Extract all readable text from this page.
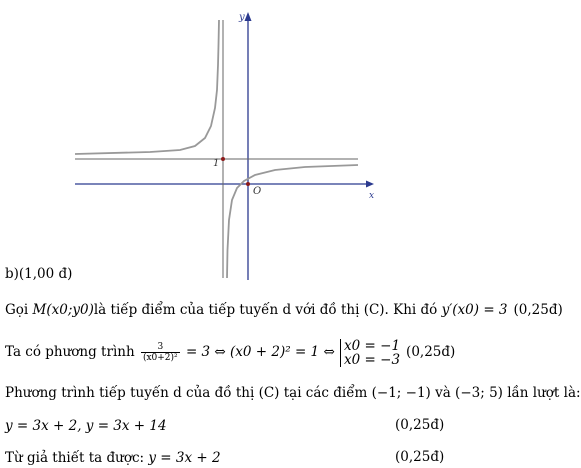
y
x
1
O
b)(1,00 đ)
Gọi M(x0;y0)là tiếp điểm của tiếp tuyến d với đồ thị (C). Khi đó y′(x0) = 3 (0,25đ)
Ta có phương trình $\frac{3}{\text{(x0+2)²}} = 3$ ⇔ (x0 + 2)² = 1 ⇔ x0 = −1
x0 = −3 (0,25đ)
Phương trình tiếp tuyến d của đồ thị (C) tại các điểm (−1; −1) và (−3; 5) lần lượt là:
y = 3x + 2, y = 3x + 14	(0,25đ)
Từ giả thiết ta được: y = 3x + 2	(0,25đ)
